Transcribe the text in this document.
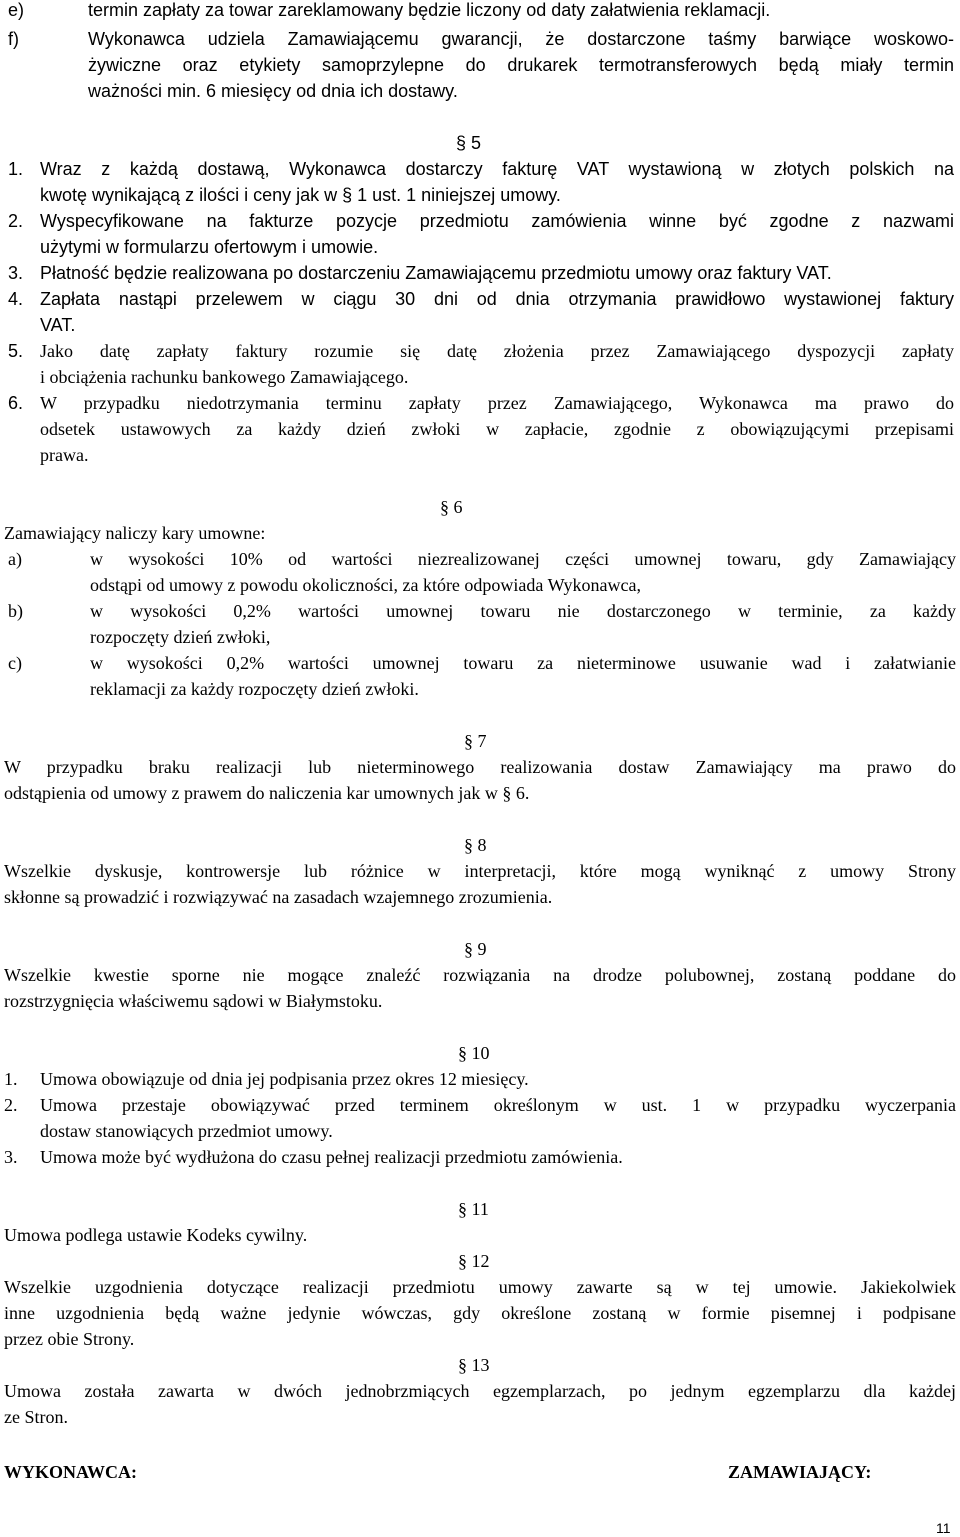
e)	termin zapłaty za towar zareklamowany będzie liczony od daty załatwienia reklamacji.
f)	Wykonawca udziela Zamawiającemu gwarancji, że dostarczone taśmy barwiące woskowo-
żywiczne oraz etykiety samoprzylepne do drukarek termotransferowych będą miały termin
ważności min. 6 miesięcy od dnia ich dostawy.
§ 5
1. Wraz z każdą dostawą, Wykonawca dostarczy fakturę VAT wystawioną w złotych polskich na
kwotę wynikającą z ilości i ceny jak w § 1 ust. 1 niniejszej umowy.
2. Wyspecyfikowane na fakturze pozycje przedmiotu zamówienia winne być zgodne z nazwami
użytymi w formularzu ofertowym i umowie.
3. Płatność będzie realizowana po dostarczeniu Zamawiającemu przedmiotu umowy oraz faktury VAT.
4. Zapłata nastąpi przelewem w ciągu 30 dni od dnia otrzymania prawidłowo wystawionej faktury
VAT.
5. Jako datę zapłaty faktury rozumie się datę złożenia przez Zamawiającego dyspozycji zapłaty
i obciążenia rachunku bankowego Zamawiającego.
6. W przypadku niedotrzymania terminu zapłaty przez Zamawiającego, Wykonawca ma prawo do
odsetek ustawowych za każdy dzień zwłoki w zapłacie, zgodnie z obowiązującymi przepisami
prawa.
§ 6
Zamawiający naliczy kary umowne:
a)	w wysokości 10% od wartości niezrealizowanej części umownej towaru, gdy Zamawiający
odstąpi od umowy z powodu okoliczności, za które odpowiada Wykonawca,
b)	w wysokości 0,2% wartości umownej towaru nie dostarczonego w terminie, za każdy
rozpoczęty dzień zwłoki,
c)	w wysokości 0,2% wartości umownej towaru za nieterminowe usuwanie wad i załatwianie
reklamacji za każdy rozpoczęty dzień zwłoki.
§ 7
W przypadku braku realizacji lub nieterminowego realizowania dostaw Zamawiający ma prawo do
odstąpienia od umowy z prawem do naliczenia kar umownych jak w § 6.
§ 8
Wszelkie dyskusje, kontrowersje lub różnice w interpretacji, które mogą wyniknąć z umowy Strony
skłonne są prowadzić i rozwiązywać na zasadach wzajemnego zrozumienia.
§ 9
Wszelkie kwestie sporne nie mogące znaleźć rozwiązania na drodze polubownej, zostaną poddane do
rozstrzygnięcia właściwemu sądowi w Białymstoku.
§ 10
1. Umowa obowiązuje od dnia jej podpisania przez okres 12 miesięcy.
2. Umowa przestaje obowiązywać przed terminem określonym w ust. 1 w przypadku wyczerpania
dostaw stanowiących przedmiot umowy.
3. Umowa może być wydłużona do czasu pełnej realizacji przedmiotu zamówienia.
§ 11
Umowa podlega ustawie Kodeks cywilny.
§ 12
Wszelkie uzgodnienia dotyczące realizacji przedmiotu umowy zawarte są w tej umowie. Jakiekolwiek
inne uzgodnienia będą ważne jedynie wówczas, gdy określone zostaną w formie pisemnej i podpisane
przez obie Strony.
§ 13
Umowa została zawarta w dwóch jednobrzmiących egzemplarzach, po jednym egzemplarzu dla każdej
ze Stron.
WYKONAWCA:	ZAMAWIAJĄCY:
11
